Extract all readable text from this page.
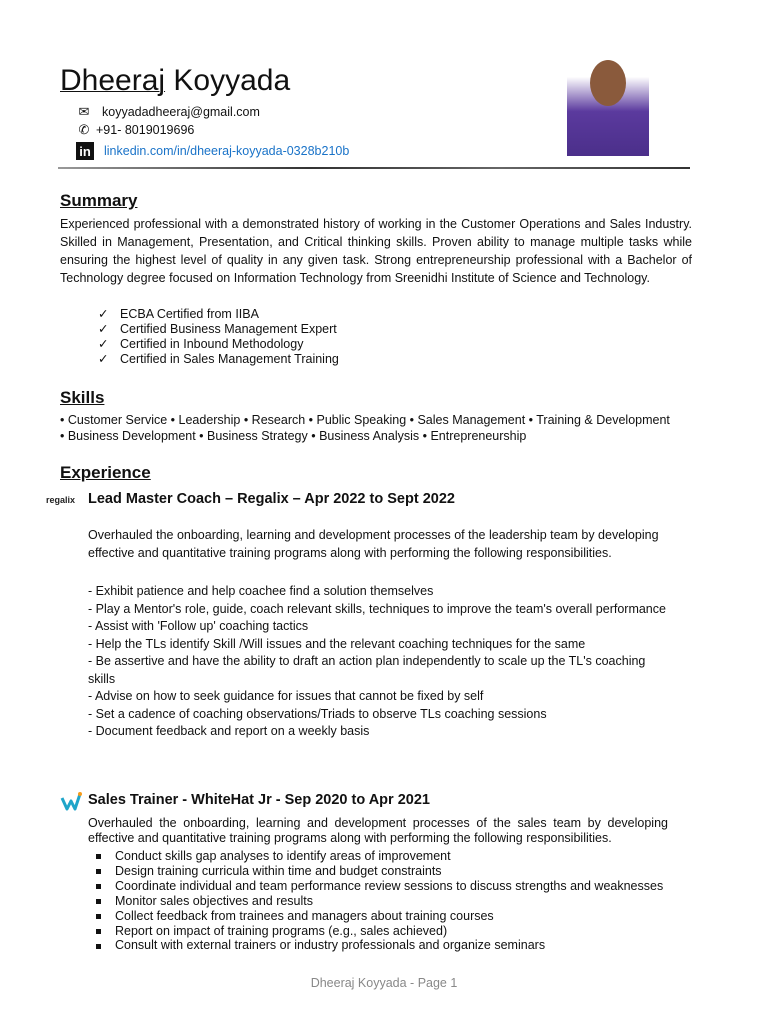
Dheeraj Koyyada
✉ koyyadadheeraj@gmail.com
✆ +91- 8019019696
in linkedin.com/in/dheeraj-koyyada-0328b210b
Summary
Experienced professional with a demonstrated history of working in the Customer Operations and Sales Industry. Skilled in Management, Presentation, and Critical thinking skills. Proven ability to manage multiple tasks while ensuring the highest level of quality in any given task. Strong entrepreneurship professional with a Bachelor of Technology degree focused on Information Technology from Sreenidhi Institute of Science and Technology.
✓ ECBA Certified from IIBA
✓ Certified Business Management Expert
✓ Certified in Inbound Methodology
✓ Certified in Sales Management Training
Skills
• Customer Service • Leadership • Research • Public Speaking • Sales Management • Training & Development
• Business Development • Business Strategy • Business Analysis • Entrepreneurship
Experience
regalix Lead Master Coach – Regalix – Apr 2022 to Sept 2022
Overhauled the onboarding, learning and development processes of the leadership team by developing effective and quantitative training programs along with performing the following responsibilities.
- Exhibit patience and help coachee find a solution themselves
- Play a Mentor's role, guide, coach relevant skills, techniques to improve the team's overall performance
- Assist with 'Follow up' coaching tactics
- Help the TLs identify Skill /Will issues and the relevant coaching techniques for the same
- Be assertive and have the ability to draft an action plan independently to scale up the TL's coaching skills
- Advise on how to seek guidance for issues that cannot be fixed by self
- Set a cadence of coaching observations/Triads to observe TLs coaching sessions
- Document feedback and report on a weekly basis
Sales Trainer - WhiteHat Jr - Sep 2020 to Apr 2021
Overhauled the onboarding, learning and development processes of the sales team by developing effective and quantitative training programs along with performing the following responsibilities.
Conduct skills gap analyses to identify areas of improvement
Design training curricula within time and budget constraints
Coordinate individual and team performance review sessions to discuss strengths and weaknesses
Monitor sales objectives and results
Collect feedback from trainees and managers about training courses
Report on impact of training programs (e.g., sales achieved)
Consult with external trainers or industry professionals and organize seminars
Dheeraj Koyyada - Page 1
